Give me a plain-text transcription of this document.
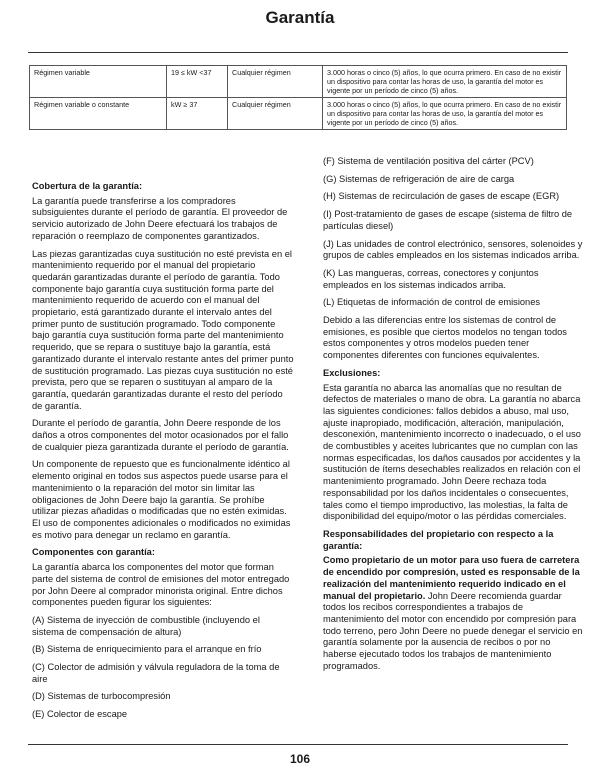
Garantía
Régimen variable	19 ≤ kW <37	Cualquier régimen	3.000 horas o cinco (5) años, lo que ocurra primero. En caso de no existir un dispositivo para contar las horas de uso, la garantía del motor es vigente por un período de cinco (5) años.
Régimen variable o constante	kW ≥ 37	Cualquier régimen	3.000 horas o cinco (5) años, lo que ocurra primero. En caso de no existir un dispositivo para contar las horas de uso, la garantía del motor es vigente por un período de cinco (5) años.
Cobertura de la garantía:

La garantía puede transferirse a los compradores subsiguientes durante el período de garantía. El proveedor de servicio autorizado de John Deere efectuará los trabajos de reparación o reemplazo de componentes garantizados.

Las piezas garantizadas cuya sustitución no esté prevista en el mantenimiento requerido por el manual del propietario quedarán garantizadas durante el período de garantía. Todo componente bajo garantía cuya sustitución forma parte del mantenimiento requerido de acuerdo con el manual del propietario, está garantizado durante el intervalo antes del primer punto de sustitución programado. Todo componente bajo garantía cuya sustitución forma parte del mantenimiento requerido, que se repara o sustituye bajo la garantía, está garantizado durante el intervalo restante antes del primer punto de sustitución programado. Las piezas cuya sustitución no esté prevista, pero que se reparen o sustituyan al amparo de la garantía, quedarán garantizadas durante el resto del período de garantía.

Durante el período de garantía, John Deere responde de los daños a otros componentes del motor ocasionados por el fallo de cualquier pieza garantizada durante el período de garantía.

Un componente de repuesto que es funcionalmente idéntico al elemento original en todos sus aspectos puede usarse para el mantenimiento o la reparación del motor sin limitar las obligaciones de John Deere bajo la garantía. Se prohíbe utilizar piezas añadidas o modificadas que no estén eximidas. El uso de componentes adicionales o modificados no eximidas es motivo para denegar un reclamo en garantía.

Componentes con garantía:

La garantía abarca los componentes del motor que forman parte del sistema de control de emisiones del motor entregado por John Deere al comprador minorista original. Entre dichos componentes pueden figurar los siguientes:

(A) Sistema de inyección de combustible (incluyendo el sistema de compensación de altura)

(B) Sistema de enriquecimiento para el arranque en frío

(C) Colector de admisión y válvula reguladora de la toma de aire

(D) Sistemas de turbocompresión

(E) Colector de escape

(F) Sistema de ventilación positiva del cárter (PCV)

(G) Sistemas de refrigeración de aire de carga

(H) Sistemas de recirculación de gases de escape (EGR)

(I) Post-tratamiento de gases de escape (sistema de filtro de partículas diesel)

(J) Las unidades de control electrónico, sensores, solenoides y grupos de cables empleados en los sistemas indicados arriba.

(K) Las mangueras, correas, conectores y conjuntos empleados en los sistemas indicados arriba.

(L) Etiquetas de información de control de emisiones

Debido a las diferencias entre los sistemas de control de emisiones, es posible que ciertos modelos no tengan todos estos componentes y otros modelos pueden tener componentes diferentes con funciones equivalentes.

Exclusiones:

Esta garantía no abarca las anomalías que no resultan de defectos de materiales o mano de obra. La garantía no abarca las siguientes condiciones: fallos debidos a abuso, mal uso, ajuste inapropiado, modificación, alteración, manipulación, desconexión, mantenimiento incorrecto o inadecuado, o el uso de combustibles y aceites lubricantes que no cumplan con las normas especificadas, los daños causados por accidentes y la sustitución de ítems desechables realizados en relación con el mantenimiento programado. John Deere rechaza toda responsabilidad por los daños incidentales o consecuentes, tales como el tiempo improductivo, las molestias, la falta de disponibilidad del equipo/motor o las pérdidas comerciales.

Responsabilidades del propietario con respecto a la garantía:

Como propietario de un motor para uso fuera de carretera de encendido por compresión, usted es responsable de la realización del mantenimiento requerido indicado en el manual del propietario. John Deere recomienda guardar todos los recibos correspondientes a trabajos de mantenimiento del motor con encendido por compresión para todo terreno, pero John Deere no puede denegar el servicio en garantía solamente por la ausencia de recibos o por no haberse ejecutado todos los trabajos de mantenimiento programados.

106
